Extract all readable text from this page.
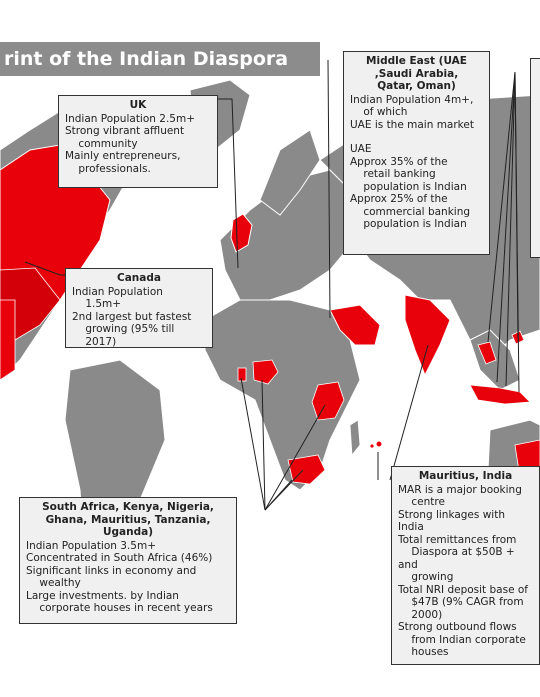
rint of the Indian Diaspora
UK
Indian Population 2.5m+
Strong vibrant affluent
community
Mainly entrepreneurs,
professionals.
Middle East (UAE
,Saudi Arabia,
Qatar, Oman)
Indian Population 4m+,
of which
UAE is the main market
UAE
Approx 35% of the
retail banking
population is Indian
Approx 25% of the
commercial banking
population is Indian
Canada
Indian Population
1.5m+
2nd largest but fastest
growing (95% till
2017)
South Africa, Kenya, Nigeria,
Ghana, Mauritius, Tanzania,
Uganda)
Indian Population 3.5m+
Concentrated in South Africa (46%)
Significant links in economy and
wealthy
Large investments. by Indian
corporate houses in recent years
Mauritius, India
MAR is a major booking
centre
Strong linkages with India
Total remittances from
Diaspora at $50B + and
growing
Total NRI deposit base of
$47B (9% CAGR from
2000)
Strong outbound flows
from Indian corporate
houses
